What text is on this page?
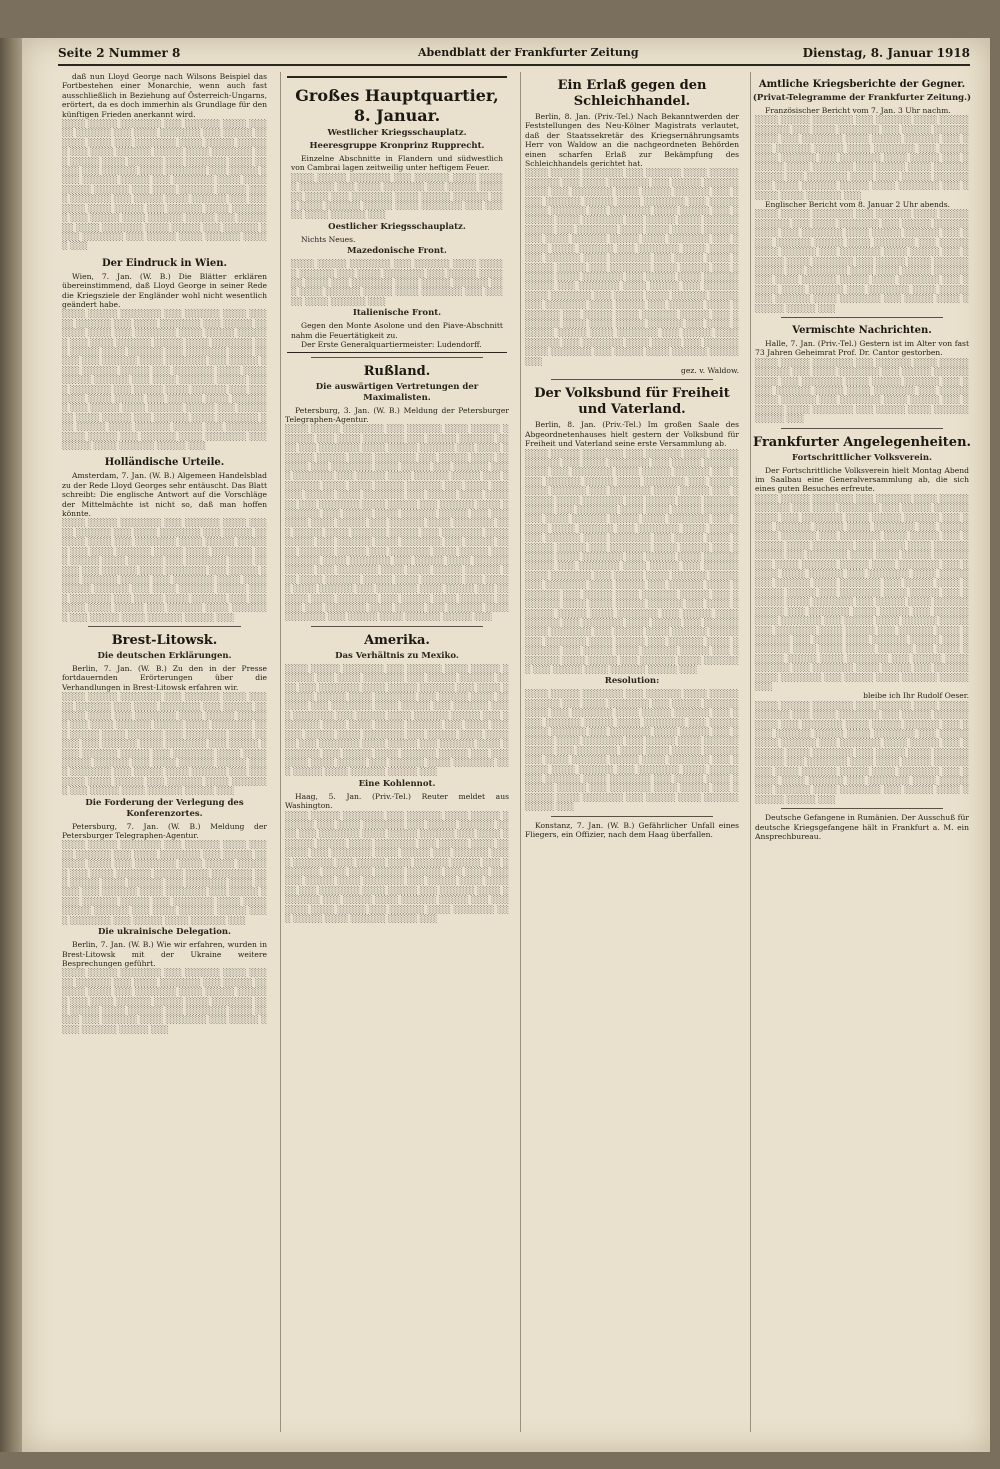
Seite 2 Nummer 8	Abendblatt der Frankfurter Zeitung	Dienstag, 8. Januar 1918

daß nun Lloyd George nach Wilsons Beispiel das Fortbestehen einer Monarchie, wenn auch fast ausschließlich in Beziehung auf Österreich-Ungarns, erörtert, da es doch immerhin als Grundlage für den künftigen Frieden anerkannt wird.

░░░░ ░░░░░ ░░░░░░░ ░░░ ░░░░░░ ░░░░ ░░░░░ ░░░░░░ ░░░ ░░░░ ░░░░░░░ ░░░ ░░░░░ ░░░░░░ ░░░░ ░░░ ░░░░░░░ ░░░░ ░░░░░ ░░░░░░ ░░░ ░░░░ ░░░░░░ ░░░░░ ░░░░ ░░░░░░░ ░░░ ░░░░░ ░░░░ ░░░░░░ ░░░ ░░░░░░░ ░░░░ ░░░░░ ░░░ ░░░░░░ ░░░░ ░░░░░░░ ░░░ ░░░░░ ░░░░ ░░░░░░ ░░░░░ ░░░ ░░░░░░░ ░░░░ ░░░░ ░░░░░ ░░░░░░ ░░░ ░░░░ ░░░░░░ ░░░░░ ░░░░ ░░░░░░░ ░░░ ░░░░░ ░░░░ ░░░░░░ ░░░ ░░░░░░░ ░░░░ ░░░░░ ░░░ ░░░░░░ ░░░░ ░░░░░░░ ░░░ ░░░░░ ░░░░ ░░░░░░ ░░░░░ ░░░ ░░░░░░░ ░░░░ ░░░░░░░ ░░░░ ░░░░░ ░░░ ░░░░░░ ░░░░ ░░░░░░░ ░░░ ░░░░░ ░░░░ ░░░░░░ ░░░░░ ░░░
Der Eindruck in Wien.

Wien, 7. Jan. (W. B.) Die Blätter erklären übereinstimmend, daß Lloyd George in seiner Rede die Kriegsziele der Engländer wohl nicht wesentlich geändert habe.

░░░░ ░░░░░ ░░░░░░░ ░░░ ░░░░░░ ░░░░ ░░░░░ ░░░░░░ ░░░ ░░░░ ░░░░░░░ ░░░ ░░░░░ ░░░░░░ ░░░░ ░░░ ░░░░░░░ ░░░░ ░░░░░ ░░░░░░ ░░░ ░░░░ ░░░░░░ ░░░░░ ░░░░ ░░░░░░░ ░░░ ░░░░░ ░░░░ ░░░░░░ ░░░ ░░░░░░░ ░░░░ ░░░░░ ░░░ ░░░░░░ ░░░░ ░░░░░░░ ░░░ ░░░░░ ░░░░ ░░░░░░ ░░░░░ ░░░ ░░░░░░░ ░░░░ ░░░░ ░░░░░ ░░░░░░ ░░░ ░░░░ ░░░░░░ ░░░░░ ░░░░ ░░░░░░░ ░░░ ░░░░░ ░░░░ ░░░░░░ ░░░ ░░░░░░░ ░░░░ ░░░░░ ░░░ ░░░░░░ ░░░░ ░░░░░░░ ░░░ ░░░░░ ░░░░ ░░░░░░ ░░░░░ ░░░ ░░░░░░░ ░░░░ ░░░░░ ░░░ ░░░░░░ ░░░░ ░░░░░░░ ░░░ ░░░░░ ░░░░ ░░░░░░ ░░░░░ ░░░ ░░░░░░░ ░░░░ ░░░░░ ░░░ ░░░░░░ ░░░░ ░░░░░░░ ░░░ ░░░░░ ░░░░ ░░░░░░ ░░░░░ ░░░
Holländische Urteile.

Amsterdam, 7. Jan. (W. B.) Algemeen Handelsblad zu der Rede Lloyd Georges sehr entäuscht. Das Blatt schreibt: Die englische Antwort auf die Vorschläge der Mittelmächte ist nicht so, daß man hoffen könnte.

░░░░ ░░░░░ ░░░░░░░ ░░░ ░░░░░░ ░░░░ ░░░░░ ░░░░░░ ░░░ ░░░░ ░░░░░░░ ░░░ ░░░░░ ░░░░░░ ░░░░ ░░░ ░░░░░░░ ░░░░ ░░░░░ ░░░░░░ ░░░ ░░░░ ░░░░░░ ░░░░░ ░░░░ ░░░░░░░ ░░░ ░░░░░ ░░░░ ░░░░░░ ░░░ ░░░░░░░ ░░░░ ░░░░░ ░░░ ░░░░░░ ░░░░ ░░░░░░░ ░░░ ░░░░░ ░░░░ ░░░░░░ ░░░░░ ░░░ ░░░░░░░ ░░░░ ░░░░ ░░░░░ ░░░░░░ ░░░ ░░░░ ░░░░░░ ░░░░░ ░░░░ ░░░░░░░ ░░░ ░░░░░ ░░░░ ░░░░░░ ░░░ ░░░░░░░ ░░░░ ░░░░░ ░░░ ░░░░░░ ░░░░ ░░░░░░░ ░░░ ░░░░░ ░░░░ ░░░░░░ ░░░░░ ░░░
Brest-Litowsk.
Die deutschen Erklärungen.

Berlin, 7. Jan. (W. B.) Zu den in der Presse fortdauernden Erörterungen über die Verhandlungen in Brest-Litowsk erfahren wir.

░░░░ ░░░░░ ░░░░░░░ ░░░ ░░░░░░ ░░░░ ░░░░░ ░░░░░░ ░░░ ░░░░ ░░░░░░░ ░░░ ░░░░░ ░░░░░░ ░░░░ ░░░ ░░░░░░░ ░░░░ ░░░░░ ░░░░░░ ░░░ ░░░░ ░░░░░░ ░░░░░ ░░░░ ░░░░░░░ ░░░ ░░░░░ ░░░░ ░░░░░░ ░░░ ░░░░░░░ ░░░░ ░░░░░ ░░░ ░░░░░░ ░░░░ ░░░░░░░ ░░░ ░░░░░ ░░░░ ░░░░░░ ░░░░░ ░░░ ░░░░░░░ ░░░░ ░░░░ ░░░░░ ░░░░░░ ░░░ ░░░░ ░░░░░░ ░░░░░ ░░░░ ░░░░░░░ ░░░ ░░░░░ ░░░░ ░░░░░░ ░░░ ░░░░░░░ ░░░░ ░░░░░ ░░░ ░░░░░░ ░░░░ ░░░░░░░ ░░░ ░░░░░ ░░░░ ░░░░░░ ░░░░░ ░░░
Die Forderung der Verlegung des Konferenzortes.

Petersburg, 7. Jan. (W. B.) Meldung der Petersburger Telegraphen-Agentur.

░░░░ ░░░░░ ░░░░░░░ ░░░ ░░░░░░ ░░░░ ░░░░░ ░░░░░░ ░░░ ░░░░ ░░░░░░░ ░░░ ░░░░░ ░░░░░░ ░░░░ ░░░ ░░░░░░░ ░░░░ ░░░░░ ░░░░░░ ░░░ ░░░░ ░░░░░░ ░░░░░ ░░░░ ░░░░░░░ ░░░ ░░░░░ ░░░░ ░░░░░░ ░░░ ░░░░░░░ ░░░░ ░░░░░ ░░░ ░░░░░░ ░░░░ ░░░░░░░ ░░░ ░░░░░ ░░░░ ░░░░░░ ░░░░░ ░░░ ░░░░░░░ ░░░░ ░░░░ ░░░░░ ░░░░░░ ░░░ ░░░░ ░░░░░░ ░░░░░ ░░░░ ░░░░░░░ ░░░ ░░░░░ ░░░░ ░░░░░░ ░░░
Die ukrainische Delegation.

Berlin, 7. Jan. (W. B.) Wie wir erfahren, wurden in Brest-Litowsk mit der Ukraine weitere Besprechungen geführt.

░░░░ ░░░░░ ░░░░░░░ ░░░ ░░░░░░ ░░░░ ░░░░░ ░░░░░░ ░░░ ░░░░ ░░░░░░░ ░░░ ░░░░░ ░░░░░░ ░░░░ ░░░ ░░░░░░░ ░░░░ ░░░░░ ░░░░░░ ░░░ ░░░░ ░░░░░░ ░░░░░ ░░░░ ░░░░░░░ ░░░ ░░░░░ ░░░░ ░░░░░░ ░░░ ░░░░░░░ ░░░░ ░░░░░ ░░░ ░░░░░░ ░░░░ ░░░░░░░ ░░░ ░░░░░ ░░░░ ░░░░░░ ░░░░░ ░░░
Großes Hauptquartier, 8. Januar.
Westlicher Kriegsschauplatz.
Heeresgruppe Kronprinz Rupprecht.

Einzelne Abschnitte in Flandern und südwestlich von Cambrai lagen zeitweilig unter heftigem Feuer.

░░░░ ░░░░░ ░░░░░░░ ░░░ ░░░░░░ ░░░░ ░░░░░ ░░░░░░ ░░░ ░░░░ ░░░░░░░ ░░░ ░░░░░ ░░░░░░ ░░░░ ░░░ ░░░░░░░ ░░░░ ░░░░░ ░░░░░░ ░░░ ░░░░ ░░░░░░ ░░░░░ ░░░░ ░░░░░░░ ░░░ ░░░░░ ░░░░ ░░░░░░ ░░░
Oestlicher Kriegsschauplatz.

Nichts Neues.

Mazedonische Front.
░░░░ ░░░░░ ░░░░░░░ ░░░ ░░░░░░ ░░░░ ░░░░░ ░░░░░░ ░░░ ░░░░ ░░░░░░░ ░░░ ░░░░░ ░░░░░░ ░░░░ ░░░ ░░░░░░░ ░░░░ ░░░░░ ░░░░░░ ░░░ ░░░░ ░░░░░░ ░░░░░ ░░░░ ░░░░░░░ ░░░ ░░░░░ ░░░░ ░░░░░░ ░░░
Italienische Front.

Gegen den Monte Asolone und den Piave-Abschnitt nahm die Feuertätigkeit zu.

Der Erste Generalquartiermeister: Ludendorff.

Rußland.
Die auswärtigen Vertretungen der Maximalisten.

Petersburg, 3. Jan. (W. B.) Meldung der Petersburger Telegraphen-Agentur.

░░░░ ░░░░░ ░░░░░░░ ░░░ ░░░░░░ ░░░░ ░░░░░ ░░░░░░ ░░░ ░░░░ ░░░░░░░ ░░░ ░░░░░ ░░░░░░ ░░░░ ░░░ ░░░░░░░ ░░░░ ░░░░░ ░░░░░░ ░░░ ░░░░ ░░░░░░ ░░░░░ ░░░░ ░░░░░░░ ░░░ ░░░░░ ░░░░ ░░░░░░ ░░░ ░░░░░░░ ░░░░ ░░░░░ ░░░ ░░░░░░ ░░░░ ░░░░░░░ ░░░ ░░░░░ ░░░░ ░░░░░░ ░░░░░ ░░░ ░░░░░░░ ░░░░ ░░░░ ░░░░░ ░░░░░░ ░░░ ░░░░ ░░░░░░ ░░░░░ ░░░░ ░░░░░░░ ░░░ ░░░░░ ░░░░ ░░░░░░ ░░░ ░░░░░░░ ░░░░ ░░░░░ ░░░ ░░░░░░ ░░░░ ░░░░░░░ ░░░ ░░░░░ ░░░░ ░░░░░░ ░░░░░ ░░░ ░░░░░░░ ░░░░ ░░░░░ ░░░ ░░░░░░ ░░░░ ░░░░░░░ ░░░ ░░░░░ ░░░░ ░░░░░░ ░░░░░ ░░░ ░░░░░░░ ░░░░ ░░░░░ ░░░ ░░░░░░ ░░░░ ░░░░░░░ ░░░ ░░░░░ ░░░░ ░░░░░░ ░░░░░ ░░░ ░░░░░░░ ░░░░ ░░░░░ ░░░ ░░░░░░ ░░░░ ░░░░░░░ ░░░ ░░░░░ ░░░░ ░░░░░░ ░░░░░ ░░░ ░░░░░░░ ░░░░ ░░░░ ░░░░░ ░░░░░░ ░░░ ░░░░ ░░░░░░ ░░░░░ ░░░░ ░░░░░░░ ░░░ ░░░░░ ░░░░ ░░░░░░ ░░░ ░░░░░░░ ░░░░ ░░░░░ ░░░ ░░░░░░ ░░░░ ░░░░░░░ ░░░ ░░░░░ ░░░░ ░░░░░░ ░░░░░ ░░░ ░░░░░░░ ░░░░ ░░░░░ ░░░ ░░░░░░ ░░░░ ░░░░░░░ ░░░ ░░░░░ ░░░░ ░░░░░░ ░░░░░ ░░░
Amerika.
Das Verhältnis zu Mexiko.
░░░░ ░░░░░ ░░░░░░░ ░░░ ░░░░░░ ░░░░ ░░░░░ ░░░░░░ ░░░ ░░░░ ░░░░░░░ ░░░ ░░░░░ ░░░░░░ ░░░░ ░░░ ░░░░░░░ ░░░░ ░░░░░ ░░░░░░ ░░░ ░░░░ ░░░░░░ ░░░░░ ░░░░ ░░░░░░░ ░░░ ░░░░░ ░░░░ ░░░░░░ ░░░ ░░░░░░░ ░░░░ ░░░░░ ░░░ ░░░░░░ ░░░░ ░░░░░░░ ░░░ ░░░░░ ░░░░ ░░░░░░ ░░░░░ ░░░ ░░░░░░░ ░░░░ ░░░░ ░░░░░ ░░░░░░ ░░░ ░░░░ ░░░░░░ ░░░░░ ░░░░ ░░░░░░░ ░░░ ░░░░░ ░░░░ ░░░░░░ ░░░ ░░░░░░░ ░░░░ ░░░░░ ░░░ ░░░░░░ ░░░░ ░░░░░░░ ░░░ ░░░░░ ░░░░ ░░░░░░ ░░░░░ ░░░ ░░░░░░░ ░░░░ ░░░░░ ░░░ ░░░░░░ ░░░░ ░░░░░░░ ░░░ ░░░░░ ░░░░ ░░░░░░ ░░░░░ ░░░
Eine Kohlennot.

Haag, 5. Jan. (Priv.-Tel.) Reuter meldet aus Washington.

░░░░ ░░░░░ ░░░░░░░ ░░░ ░░░░░░ ░░░░ ░░░░░ ░░░░░░ ░░░ ░░░░ ░░░░░░░ ░░░ ░░░░░ ░░░░░░ ░░░░ ░░░ ░░░░░░░ ░░░░ ░░░░░ ░░░░░░ ░░░ ░░░░ ░░░░░░ ░░░░░ ░░░░ ░░░░░░░ ░░░ ░░░░░ ░░░░ ░░░░░░ ░░░ ░░░░░░░ ░░░░ ░░░░░ ░░░ ░░░░░░ ░░░░ ░░░░░░░ ░░░ ░░░░░ ░░░░ ░░░░░░ ░░░░░ ░░░ ░░░░░░░ ░░░░ ░░░░ ░░░░░ ░░░░░░ ░░░ ░░░░ ░░░░░░ ░░░░░ ░░░░ ░░░░░░░ ░░░ ░░░░░ ░░░░ ░░░░░░ ░░░ ░░░░░░░ ░░░░ ░░░░░ ░░░ ░░░░░░ ░░░░ ░░░░░░░ ░░░ ░░░░░ ░░░░ ░░░░░░ ░░░░░ ░░░ ░░░░░░░ ░░░░ ░░░░░ ░░░ ░░░░░░ ░░░░ ░░░░░░░ ░░░ ░░░░░ ░░░░ ░░░░░░ ░░░░░ ░░░
Ein Erlaß gegen den Schleichhandel.

Berlin, 8. Jan. (Priv.-Tel.) Nach Bekanntwerden der Feststellungen des Neu-Kölner Magistrats verlautet, daß der Staatssekretär des Kriegsernährungsamts Herr von Waldow an die nachgeordneten Behörden einen scharfen Erlaß zur Bekämpfung des Schleichhandels gerichtet hat.

░░░░ ░░░░░ ░░░░░░░ ░░░ ░░░░░░ ░░░░ ░░░░░ ░░░░░░ ░░░ ░░░░ ░░░░░░░ ░░░ ░░░░░ ░░░░░░ ░░░░ ░░░ ░░░░░░░ ░░░░ ░░░░░ ░░░░░░ ░░░ ░░░░ ░░░░░░ ░░░░░ ░░░░ ░░░░░░░ ░░░ ░░░░░ ░░░░ ░░░░░░ ░░░ ░░░░░░░ ░░░░ ░░░░░ ░░░ ░░░░░░ ░░░░ ░░░░░░░ ░░░ ░░░░░ ░░░░ ░░░░░░ ░░░░░ ░░░ ░░░░░░░ ░░░░ ░░░░ ░░░░░ ░░░░░░ ░░░ ░░░░ ░░░░░░ ░░░░░ ░░░░ ░░░░░░░ ░░░ ░░░░░ ░░░░ ░░░░░░ ░░░ ░░░░░░░ ░░░░ ░░░░░ ░░░ ░░░░░░ ░░░░ ░░░░░░░ ░░░ ░░░░░ ░░░░ ░░░░░░ ░░░░░ ░░░ ░░░░░░░ ░░░░ ░░░░░ ░░░ ░░░░░░ ░░░░ ░░░░░░░ ░░░ ░░░░░ ░░░░ ░░░░░░ ░░░░░ ░░░ ░░░░░░░ ░░░░ ░░░░░ ░░░ ░░░░░░ ░░░░ ░░░░░░░ ░░░ ░░░░░ ░░░░ ░░░░░░ ░░░░░ ░░░ ░░░░░░░ ░░░░ ░░░░░ ░░░ ░░░░░░ ░░░░ ░░░░░░░ ░░░ ░░░░░ ░░░░ ░░░░░░ ░░░░░ ░░░ ░░░░░░░ ░░░░ ░░░░ ░░░░░ ░░░░░░ ░░░ ░░░░ ░░░░░░ ░░░░░ ░░░░ ░░░░░░░ ░░░ ░░░░░ ░░░░ ░░░░░░ ░░░ ░░░░░░░ ░░░░ ░░░░░ ░░░ ░░░░░░ ░░░░ ░░░░░░░ ░░░ ░░░░░ ░░░░ ░░░░░░ ░░░░░ ░░░

gez. v. Waldow.

Der Volksbund für Freiheit und Vaterland.

Berlin, 8. Jan. (Priv.-Tel.) Im großen Saale des Abgeordnetenhauses hielt gestern der Volksbund für Freiheit und Vaterland seine erste Versammlung ab.

░░░░ ░░░░░ ░░░░░░░ ░░░ ░░░░░░ ░░░░ ░░░░░ ░░░░░░ ░░░ ░░░░ ░░░░░░░ ░░░ ░░░░░ ░░░░░░ ░░░░ ░░░ ░░░░░░░ ░░░░ ░░░░░ ░░░░░░ ░░░ ░░░░ ░░░░░░ ░░░░░ ░░░░ ░░░░░░░ ░░░ ░░░░░ ░░░░ ░░░░░░ ░░░ ░░░░░░░ ░░░░ ░░░░░ ░░░ ░░░░░░ ░░░░ ░░░░░░░ ░░░ ░░░░░ ░░░░ ░░░░░░ ░░░░░ ░░░ ░░░░░░░ ░░░░ ░░░░ ░░░░░ ░░░░░░ ░░░ ░░░░ ░░░░░░ ░░░░░ ░░░░ ░░░░░░░ ░░░ ░░░░░ ░░░░ ░░░░░░ ░░░ ░░░░░░░ ░░░░ ░░░░░ ░░░ ░░░░░░ ░░░░ ░░░░░░░ ░░░ ░░░░░ ░░░░ ░░░░░░ ░░░░░ ░░░ ░░░░░░░ ░░░░ ░░░░░ ░░░ ░░░░░░ ░░░░ ░░░░░░░ ░░░ ░░░░░ ░░░░ ░░░░░░ ░░░░░ ░░░ ░░░░░░░ ░░░░ ░░░░░ ░░░ ░░░░░░ ░░░░ ░░░░░░░ ░░░ ░░░░░ ░░░░ ░░░░░░ ░░░░░ ░░░ ░░░░░░░ ░░░░ ░░░░░ ░░░ ░░░░░░ ░░░░ ░░░░░░░ ░░░ ░░░░░ ░░░░ ░░░░░░ ░░░░░ ░░░ ░░░░░░░ ░░░░ ░░░░ ░░░░░ ░░░░░░ ░░░ ░░░░ ░░░░░░ ░░░░░ ░░░░ ░░░░░░░ ░░░ ░░░░░ ░░░░ ░░░░░░ ░░░ ░░░░░░░ ░░░░ ░░░░░ ░░░ ░░░░░░ ░░░░ ░░░░░░░ ░░░ ░░░░░ ░░░░ ░░░░░░ ░░░░░ ░░░ ░░░░░░░ ░░░░ ░░░░░ ░░░ ░░░░░░ ░░░░ ░░░░░░░ ░░░ ░░░░░ ░░░░ ░░░░░░ ░░░░░ ░░░ ░░░░░░░ ░░░░ ░░░░░ ░░░ ░░░░░░ ░░░░ ░░░░░░░ ░░░ ░░░░░ ░░░░ ░░░░░░ ░░░░░ ░░░
Resolution:
░░░░ ░░░░░ ░░░░░░░ ░░░ ░░░░░░ ░░░░ ░░░░░ ░░░░░░ ░░░ ░░░░ ░░░░░░░ ░░░ ░░░░░ ░░░░░░ ░░░░ ░░░ ░░░░░░░ ░░░░ ░░░░░ ░░░░░░ ░░░ ░░░░ ░░░░░░ ░░░░░ ░░░░ ░░░░░░░ ░░░ ░░░░░ ░░░░ ░░░░░░ ░░░ ░░░░░░░ ░░░░ ░░░░░ ░░░ ░░░░░░ ░░░░ ░░░░░░░ ░░░ ░░░░░ ░░░░ ░░░░░░ ░░░░░ ░░░ ░░░░░░░ ░░░░ ░░░░ ░░░░░ ░░░░░░ ░░░ ░░░░ ░░░░░░ ░░░░░ ░░░░ ░░░░░░░ ░░░ ░░░░░ ░░░░ ░░░░░░ ░░░ ░░░░░░░ ░░░░ ░░░░░ ░░░ ░░░░░░ ░░░░ ░░░░░░░ ░░░ ░░░░░ ░░░░ ░░░░░░ ░░░░░ ░░░ ░░░░░░░ ░░░░ ░░░░░ ░░░ ░░░░░░ ░░░░ ░░░░░░░ ░░░ ░░░░░ ░░░░ ░░░░░░ ░░░░░ ░░░

Konstanz, 7. Jan. (W. B.) Gefährlicher Unfall eines Fliegers, ein Offizier, nach dem Haag überfallen.

Amtliche Kriegsberichte der Gegner.
(Privat-Telegramme der Frankfurter Zeitung.)

Französischer Bericht vom 7. Jan. 3 Uhr nachm.

░░░░ ░░░░░ ░░░░░░░ ░░░ ░░░░░░ ░░░░ ░░░░░ ░░░░░░ ░░░ ░░░░ ░░░░░░░ ░░░ ░░░░░ ░░░░░░ ░░░░ ░░░ ░░░░░░░ ░░░░ ░░░░░ ░░░░░░ ░░░ ░░░░ ░░░░░░ ░░░░░ ░░░░ ░░░░░░░ ░░░ ░░░░░ ░░░░ ░░░░░░ ░░░ ░░░░░░░ ░░░░ ░░░░░ ░░░ ░░░░░░ ░░░░ ░░░░░░░ ░░░ ░░░░░ ░░░░ ░░░░░░ ░░░░░ ░░░ ░░░░░░░ ░░░░ ░░░░ ░░░░░ ░░░░░░ ░░░ ░░░░ ░░░░░░ ░░░░░ ░░░░ ░░░░░░░ ░░░ ░░░░░ ░░░░ ░░░░░░ ░░░

Englischer Bericht vom 8. Januar 2 Uhr abends.

░░░░ ░░░░░ ░░░░░░░ ░░░ ░░░░░░ ░░░░ ░░░░░ ░░░░░░ ░░░ ░░░░ ░░░░░░░ ░░░ ░░░░░ ░░░░░░ ░░░░ ░░░ ░░░░░░░ ░░░░ ░░░░░ ░░░░░░ ░░░ ░░░░ ░░░░░░ ░░░░░ ░░░░ ░░░░░░░ ░░░ ░░░░░ ░░░░ ░░░░░░ ░░░ ░░░░░░░ ░░░░ ░░░░░ ░░░ ░░░░░░ ░░░░ ░░░░░░░ ░░░ ░░░░░ ░░░░ ░░░░░░ ░░░░░ ░░░ ░░░░░░░ ░░░░ ░░░░ ░░░░░ ░░░░░░ ░░░ ░░░░ ░░░░░░ ░░░░░ ░░░░ ░░░░░░░ ░░░ ░░░░░ ░░░░ ░░░░░░ ░░░ ░░░░░░░ ░░░░ ░░░░░ ░░░ ░░░░░░ ░░░░ ░░░░░░░ ░░░ ░░░░░ ░░░░ ░░░░░░ ░░░░░ ░░░
Vermischte Nachrichten.

Halle, 7. Jan. (Priv.-Tel.) Gestern ist im Alter von fast 73 Jahren Geheimrat Prof. Dr. Cantor gestorben.

░░░░ ░░░░░ ░░░░░░░ ░░░ ░░░░░░ ░░░░ ░░░░░ ░░░░░░ ░░░ ░░░░ ░░░░░░░ ░░░ ░░░░░ ░░░░░░ ░░░░ ░░░ ░░░░░░░ ░░░░ ░░░░░ ░░░░░░ ░░░ ░░░░ ░░░░░░ ░░░░░ ░░░░ ░░░░░░░ ░░░ ░░░░░ ░░░░ ░░░░░░ ░░░ ░░░░░░░ ░░░░ ░░░░░ ░░░ ░░░░░░ ░░░░ ░░░░░░░ ░░░ ░░░░░ ░░░░ ░░░░░░ ░░░░░ ░░░
Frankfurter Angelegenheiten.
Fortschrittlicher Volksverein.

Der Fortschrittliche Volksverein hielt Montag Abend im Saalbau eine Generalversammlung ab, die sich eines guten Besuches erfreute.

░░░░ ░░░░░ ░░░░░░░ ░░░ ░░░░░░ ░░░░ ░░░░░ ░░░░░░ ░░░ ░░░░ ░░░░░░░ ░░░ ░░░░░ ░░░░░░ ░░░░ ░░░ ░░░░░░░ ░░░░ ░░░░░ ░░░░░░ ░░░ ░░░░ ░░░░░░ ░░░░░ ░░░░ ░░░░░░░ ░░░ ░░░░░ ░░░░ ░░░░░░ ░░░ ░░░░░░░ ░░░░ ░░░░░ ░░░ ░░░░░░ ░░░░ ░░░░░░░ ░░░ ░░░░░ ░░░░ ░░░░░░ ░░░░░ ░░░ ░░░░░░░ ░░░░ ░░░░ ░░░░░ ░░░░░░ ░░░ ░░░░ ░░░░░░ ░░░░░ ░░░░ ░░░░░░░ ░░░ ░░░░░ ░░░░ ░░░░░░ ░░░ ░░░░░░░ ░░░░ ░░░░░ ░░░ ░░░░░░ ░░░░ ░░░░░░░ ░░░ ░░░░░ ░░░░ ░░░░░░ ░░░░░ ░░░ ░░░░░░░ ░░░░ ░░░░░ ░░░ ░░░░░░ ░░░░ ░░░░░░░ ░░░ ░░░░░ ░░░░ ░░░░░░ ░░░░░ ░░░ ░░░░░░░ ░░░░ ░░░░░ ░░░ ░░░░░░ ░░░░ ░░░░░░░ ░░░ ░░░░░ ░░░░ ░░░░░░ ░░░░░ ░░░ ░░░░░░░ ░░░░ ░░░░░ ░░░ ░░░░░░ ░░░░ ░░░░░░░ ░░░ ░░░░░ ░░░░ ░░░░░░ ░░░░░ ░░░ ░░░░░░░ ░░░░ ░░░░ ░░░░░ ░░░░░░ ░░░ ░░░░ ░░░░░░ ░░░░░ ░░░░ ░░░░░░░ ░░░ ░░░░░ ░░░░ ░░░░░░ ░░░ ░░░░░░░ ░░░░ ░░░░░ ░░░ ░░░░░░ ░░░░ ░░░░░░░ ░░░ ░░░░░ ░░░░ ░░░░░░ ░░░░░ ░░░

bleibe ich Ihr Rudolf Oeser.

░░░░ ░░░░░ ░░░░░░░ ░░░ ░░░░░░ ░░░░ ░░░░░ ░░░░░░ ░░░ ░░░░ ░░░░░░░ ░░░ ░░░░░ ░░░░░░ ░░░░ ░░░ ░░░░░░░ ░░░░ ░░░░░ ░░░░░░ ░░░ ░░░░ ░░░░░░ ░░░░░ ░░░░ ░░░░░░░ ░░░ ░░░░░ ░░░░ ░░░░░░ ░░░ ░░░░░░░ ░░░░ ░░░░░ ░░░ ░░░░░░ ░░░░ ░░░░░░░ ░░░ ░░░░░ ░░░░ ░░░░░░ ░░░░░ ░░░ ░░░░░░░ ░░░░ ░░░░ ░░░░░ ░░░░░░ ░░░ ░░░░ ░░░░░░ ░░░░░ ░░░░ ░░░░░░░ ░░░ ░░░░░ ░░░░ ░░░░░░ ░░░ ░░░░░░░ ░░░░ ░░░░░ ░░░ ░░░░░░ ░░░░ ░░░░░░░ ░░░ ░░░░░ ░░░░ ░░░░░░ ░░░░░ ░░░

Deutsche Gefangene in Rumänien. Der Ausschuß für deutsche Kriegsgefangene hält in Frankfurt a. M. ein Ansprechbureau.
